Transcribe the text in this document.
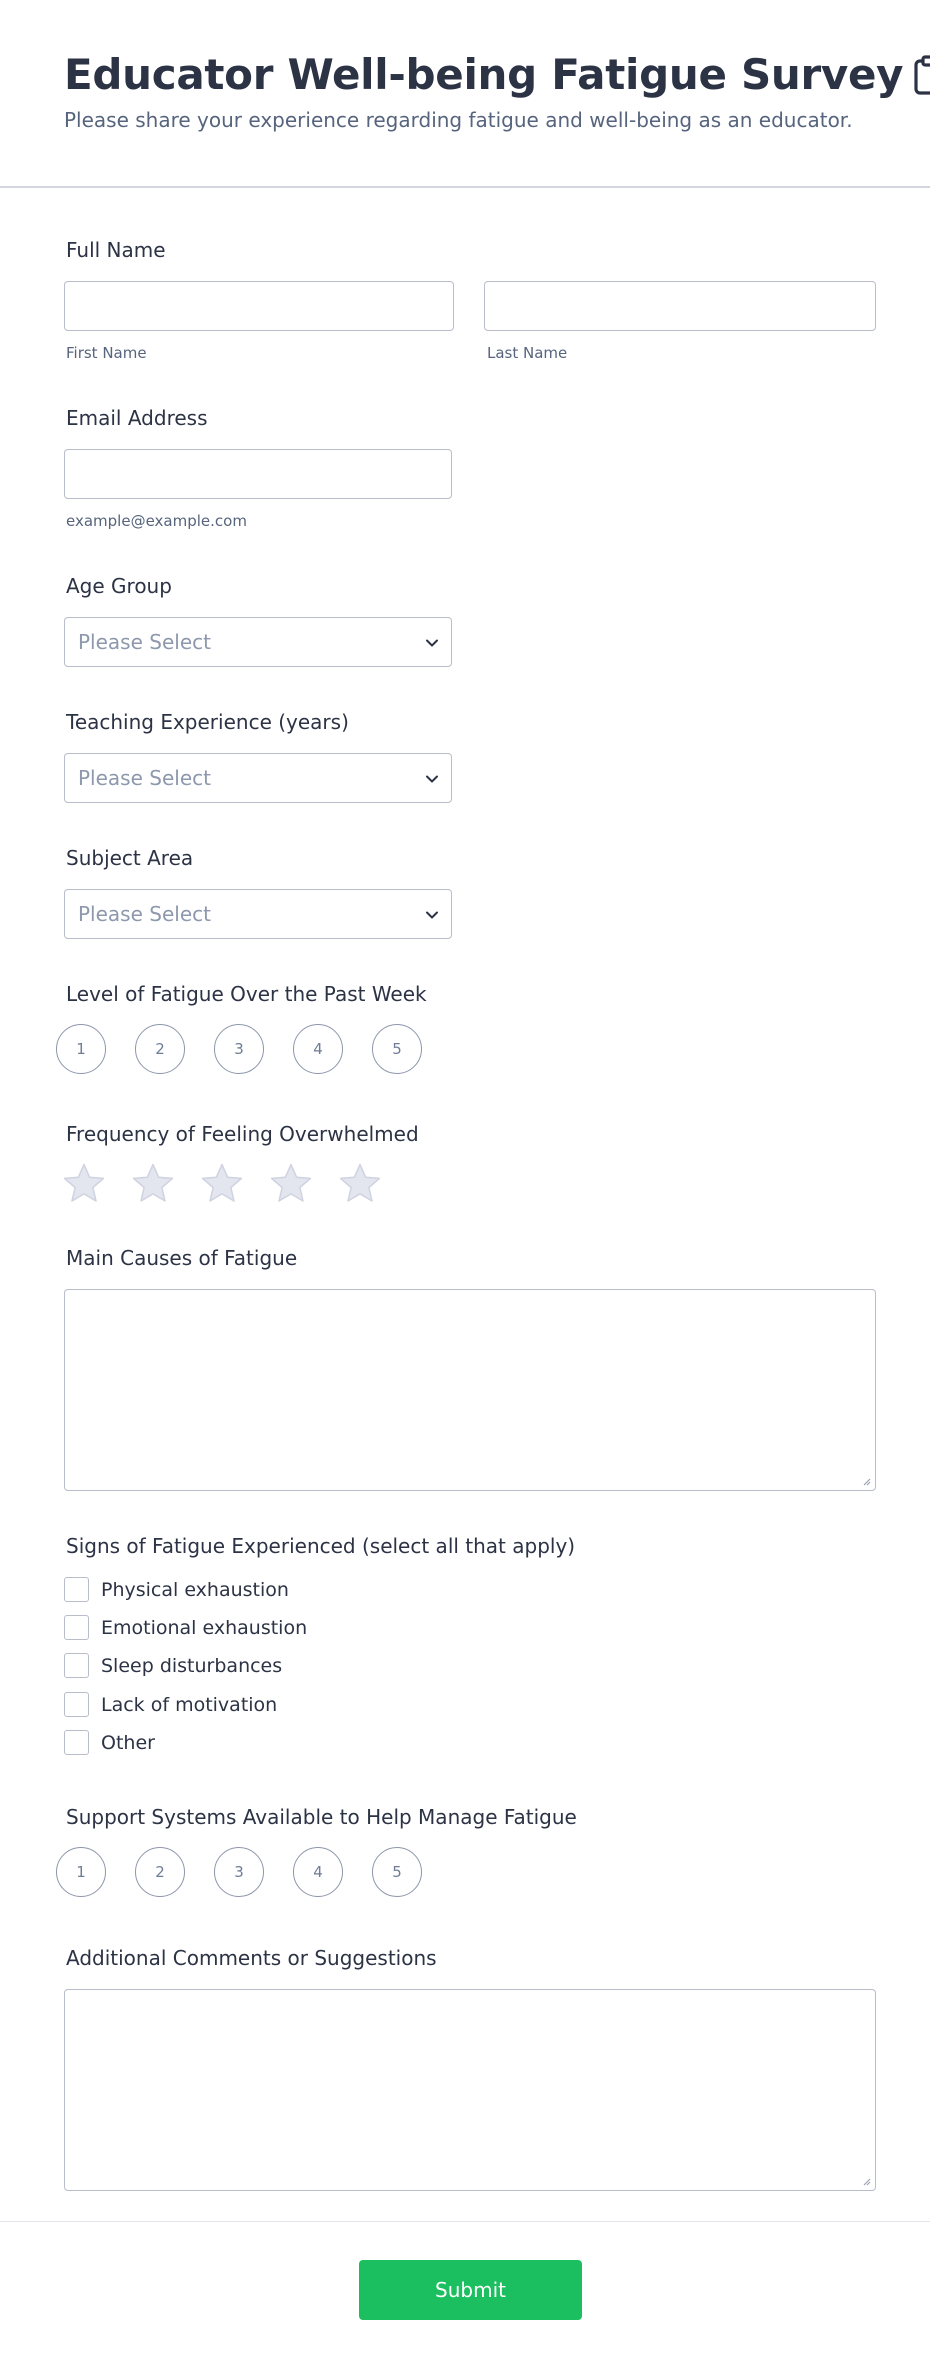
Educator Well-being Fatigue Survey
Please share your experience regarding fatigue and well-being as an educator.
Full Name
First Name	Last Name
Email Address
example@example.com
Age Group
Please Select
Teaching Experience (years)
Please Select
Subject Area
Please Select
Level of Fatigue Over the Past Week
1	2	3	4	5
Frequency of Feeling Overwhelmed
Main Causes of Fatigue
Signs of Fatigue Experienced (select all that apply)
Physical exhaustion
Emotional exhaustion
Sleep disturbances
Lack of motivation
Other
Support Systems Available to Help Manage Fatigue
1	2	3	4	5
Additional Comments or Suggestions
Submit
